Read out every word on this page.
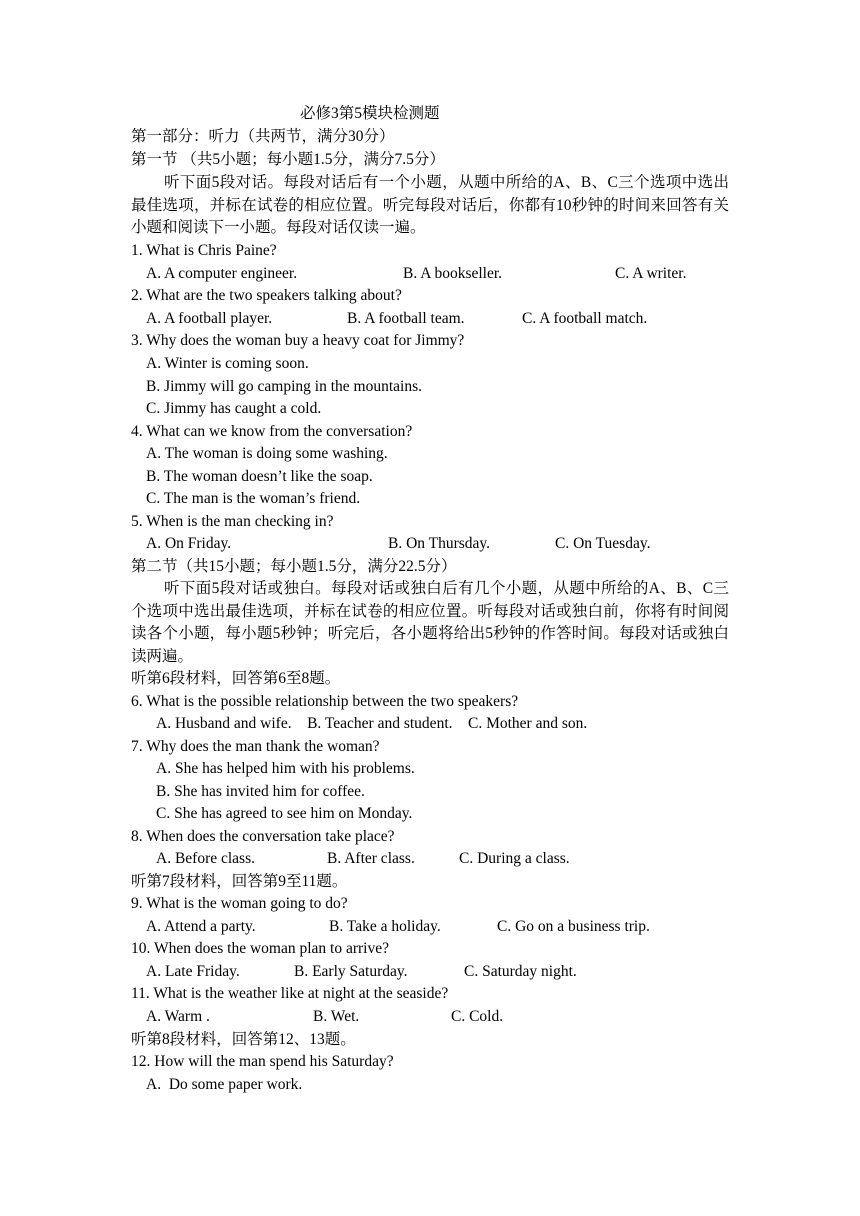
必修3第5模块检测题
第一部分：听力（共两节，满分30分）
第一节 （共5小题；每小题1.5分，满分7.5分）
听下面5段对话。每段对话后有一个小题，从题中所给的A、B、C三个选项中选出最佳选项，并标在试卷的相应位置。听完每段对话后，你都有10秒钟的时间来回答有关小题和阅读下一小题。每段对话仅读一遍。
1. What is Chris Paine?
A. A computer engineer.	B. A bookseller.	C. A writer.
2. What are the two speakers talking about?
A. A football player.	B. A football team.	C. A football match.
3. Why does the woman buy a heavy coat for Jimmy?
A. Winter is coming soon.
B. Jimmy will go camping in the mountains.
C. Jimmy has caught a cold.
4. What can we know from the conversation?
A. The woman is doing some washing.
B. The woman doesn’t like the soap.
C. The man is the woman’s friend.
5. When is the man checking in?
A. On Friday.	B. On Thursday.	C. On Tuesday.
第二节（共15小题；每小题1.5分，满分22.5分）
听下面5段对话或独白。每段对话或独白后有几个小题，从题中所给的A、B、C三个选项中选出最佳选项，并标在试卷的相应位置。听每段对话或独白前，你将有时间阅读各个小题，每小题5秒钟；听完后，各小题将给出5秒钟的作答时间。每段对话或独白读两遍。
听第6段材料，回答第6至8题。
6. What is the possible relationship between the two speakers?
A. Husband and wife.    B. Teacher and student.    C. Mother and son.
7. Why does the man thank the woman?
A. She has helped him with his problems.
B. She has invited him for coffee.
C. She has agreed to see him on Monday.
8. When does the conversation take place?
A. Before class.	B. After class.	C. During a class.
听第7段材料，回答第9至11题。
9. What is the woman going to do?
A. Attend a party.	B. Take a holiday.	C. Go on a business trip.
10. When does the woman plan to arrive?
A. Late Friday.	B. Early Saturday.	C. Saturday night.
11. What is the weather like at night at the seaside?
A. Warm .	B. Wet.	C. Cold.
听第8段材料，回答第12、13题。
12. How will the man spend his Saturday?
A.  Do some paper work.
